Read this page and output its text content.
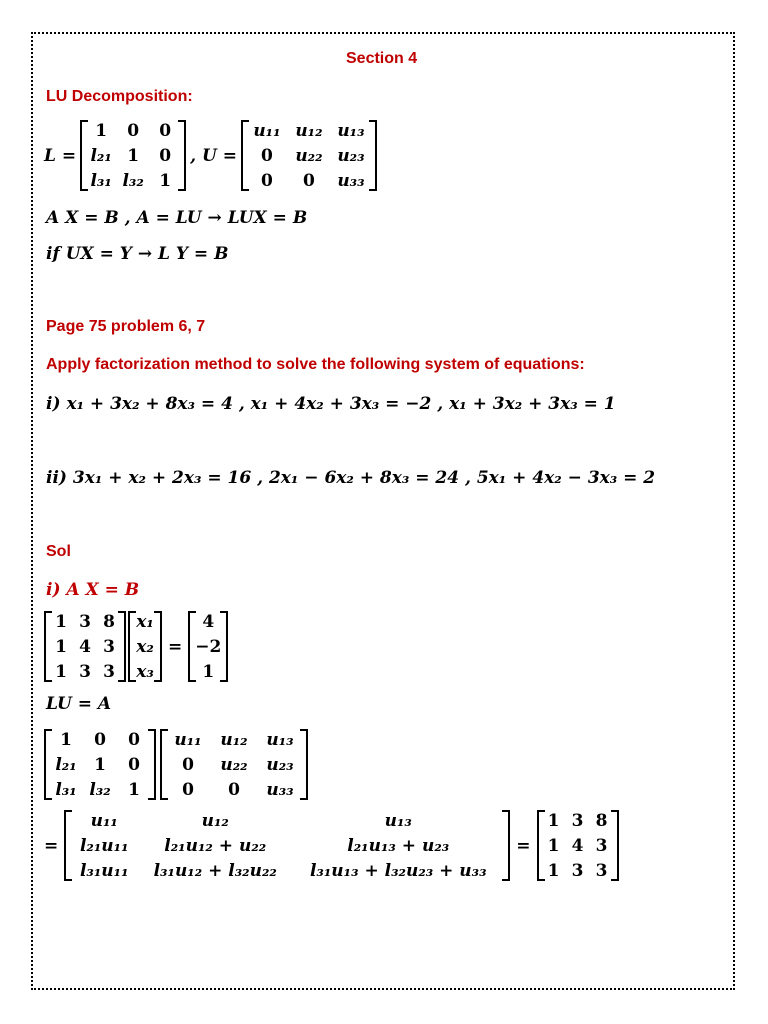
Section 4
LU Decomposition:
L =
1	0	0
l₂₁ 1	0
l₃₁ l₃₂ 1
, U =
u₁₁ u₁₂ u₁₃
0	u₂₂ u₂₃
0	0	u₃₃
A X = B , A = LU → LUX = B
if UX = Y → L Y = B
Page 75 problem 6, 7
Apply factorization method to solve the following system of equations:
i) x₁ + 3x₂ + 8x₃ = 4 , x₁ + 4x₂ + 3x₃ = −2 , x₁ + 3x₂ + 3x₃ = 1
ii) 3x₁ + x₂ + 2x₃ = 16 , 2x₁ − 6x₂ + 8x₃ = 24 , 5x₁ + 4x₂ − 3x₃ = 2
Sol
i) A X = B
1 3 8
1 4 3
1 3 3
x₁
x₂
x₃
=
4
−2
1
LU = A
1	0	0
l₂₁	1	0
l₃₁ l₃₂	1
u₁₁	u₁₂	u₁₃
0	u₂₂	u₂₃
0	0	u₃₃
=
u₁₁	u₁₂	u₁₃
l₂₁u₁₁	l₂₁u₁₂ + u₂₂	l₂₁u₁₃ + u₂₃
l₃₁u₁₁	l₃₁u₁₂ + l₃₂u₂₂	l₃₁u₁₃ + l₃₂u₂₃ + u₃₃
=
1 3 8
1 4 3
1 3 3
